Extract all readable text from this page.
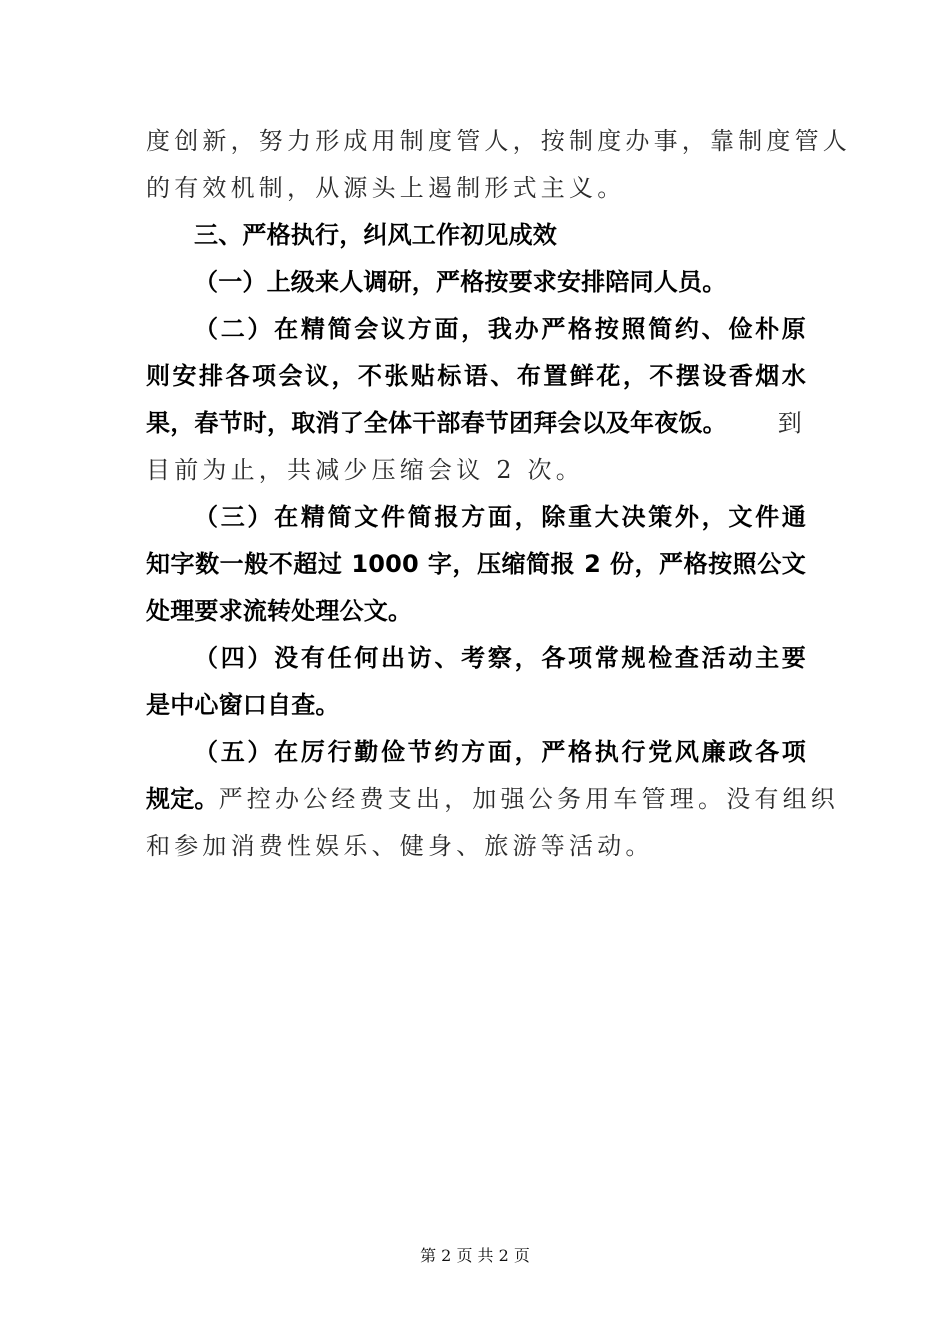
度创新，努力形成用制度管人，按制度办事，靠制度管人
的有效机制，从源头上遏制形式主义。
三、严格执行，纠风工作初见成效
（一）上级来人调研，严格按要求安排陪同人员。
（二）在精简会议方面，我办严格按照简约、俭朴原
则安排各项会议，不张贴标语、布置鲜花，不摆设香烟水
果，春节时，取消了全体干部春节团拜会以及年夜饭。 到
目前为止，共减少压缩会议 2 次。
（三）在精简文件简报方面，除重大决策外，文件通
知字数一般不超过 1000 字，压缩简报 2 份，严格按照公文
处理要求流转处理公文。
（四）没有任何出访、考察，各项常规检查活动主要
是中心窗口自查。
（五）在厉行勤俭节约方面，严格执行党风廉政各项
规定。 严控办公经费支出，加强公务用车管理。没有组织
和参加消费性娱乐、健身、旅游等活动。
第 2 页 共 2 页
